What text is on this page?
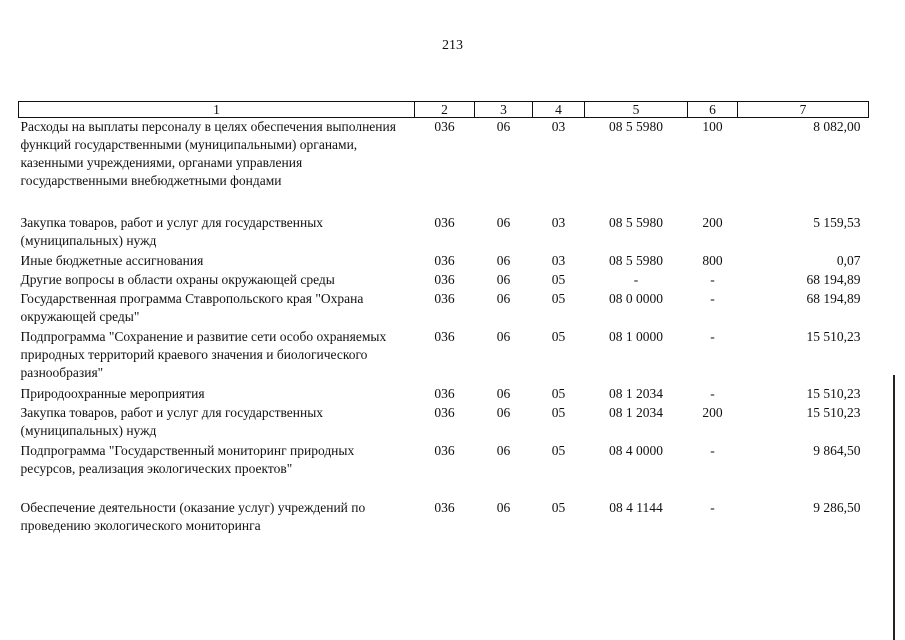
213
1	2	3	4	5	6	7
Расходы на выплаты персоналу в целях обеспечения выполнения функций государственными (муниципальными) органами, казенными учреждениями, органами управления государственными внебюджетными фондами	036	06	03	08 5 5980	100	8 082,00
Закупка товаров, работ и услуг для государственных (муниципальных) нужд	036	06	03	08 5 5980	200	5 159,53
Иные бюджетные ассигнования	036	06	03	08 5 5980	800	0,07
Другие вопросы в области охраны окружающей среды	036	06	05	-	-	68 194,89
Государственная программа Ставропольского края "Охрана окружающей среды"	036	06	05	08 0 0000	-	68 194,89
Подпрограмма "Сохранение и развитие сети особо охраняемых природных территорий краевого значения и биологического разнообразия"	036	06	05	08 1 0000	-	15 510,23
Природоохранные мероприятия	036	06	05	08 1 2034	-	15 510,23
Закупка товаров, работ и услуг для государственных (муниципальных) нужд	036	06	05	08 1 2034	200	15 510,23
Подпрограмма "Государственный мониторинг природных ресурсов, реализация экологических проектов"	036	06	05	08 4 0000	-	9 864,50
Обеспечение деятельности (оказание услуг) учреждений по проведению экологического мониторинга	036	06	05	08 4 1144	-	9 286,50
